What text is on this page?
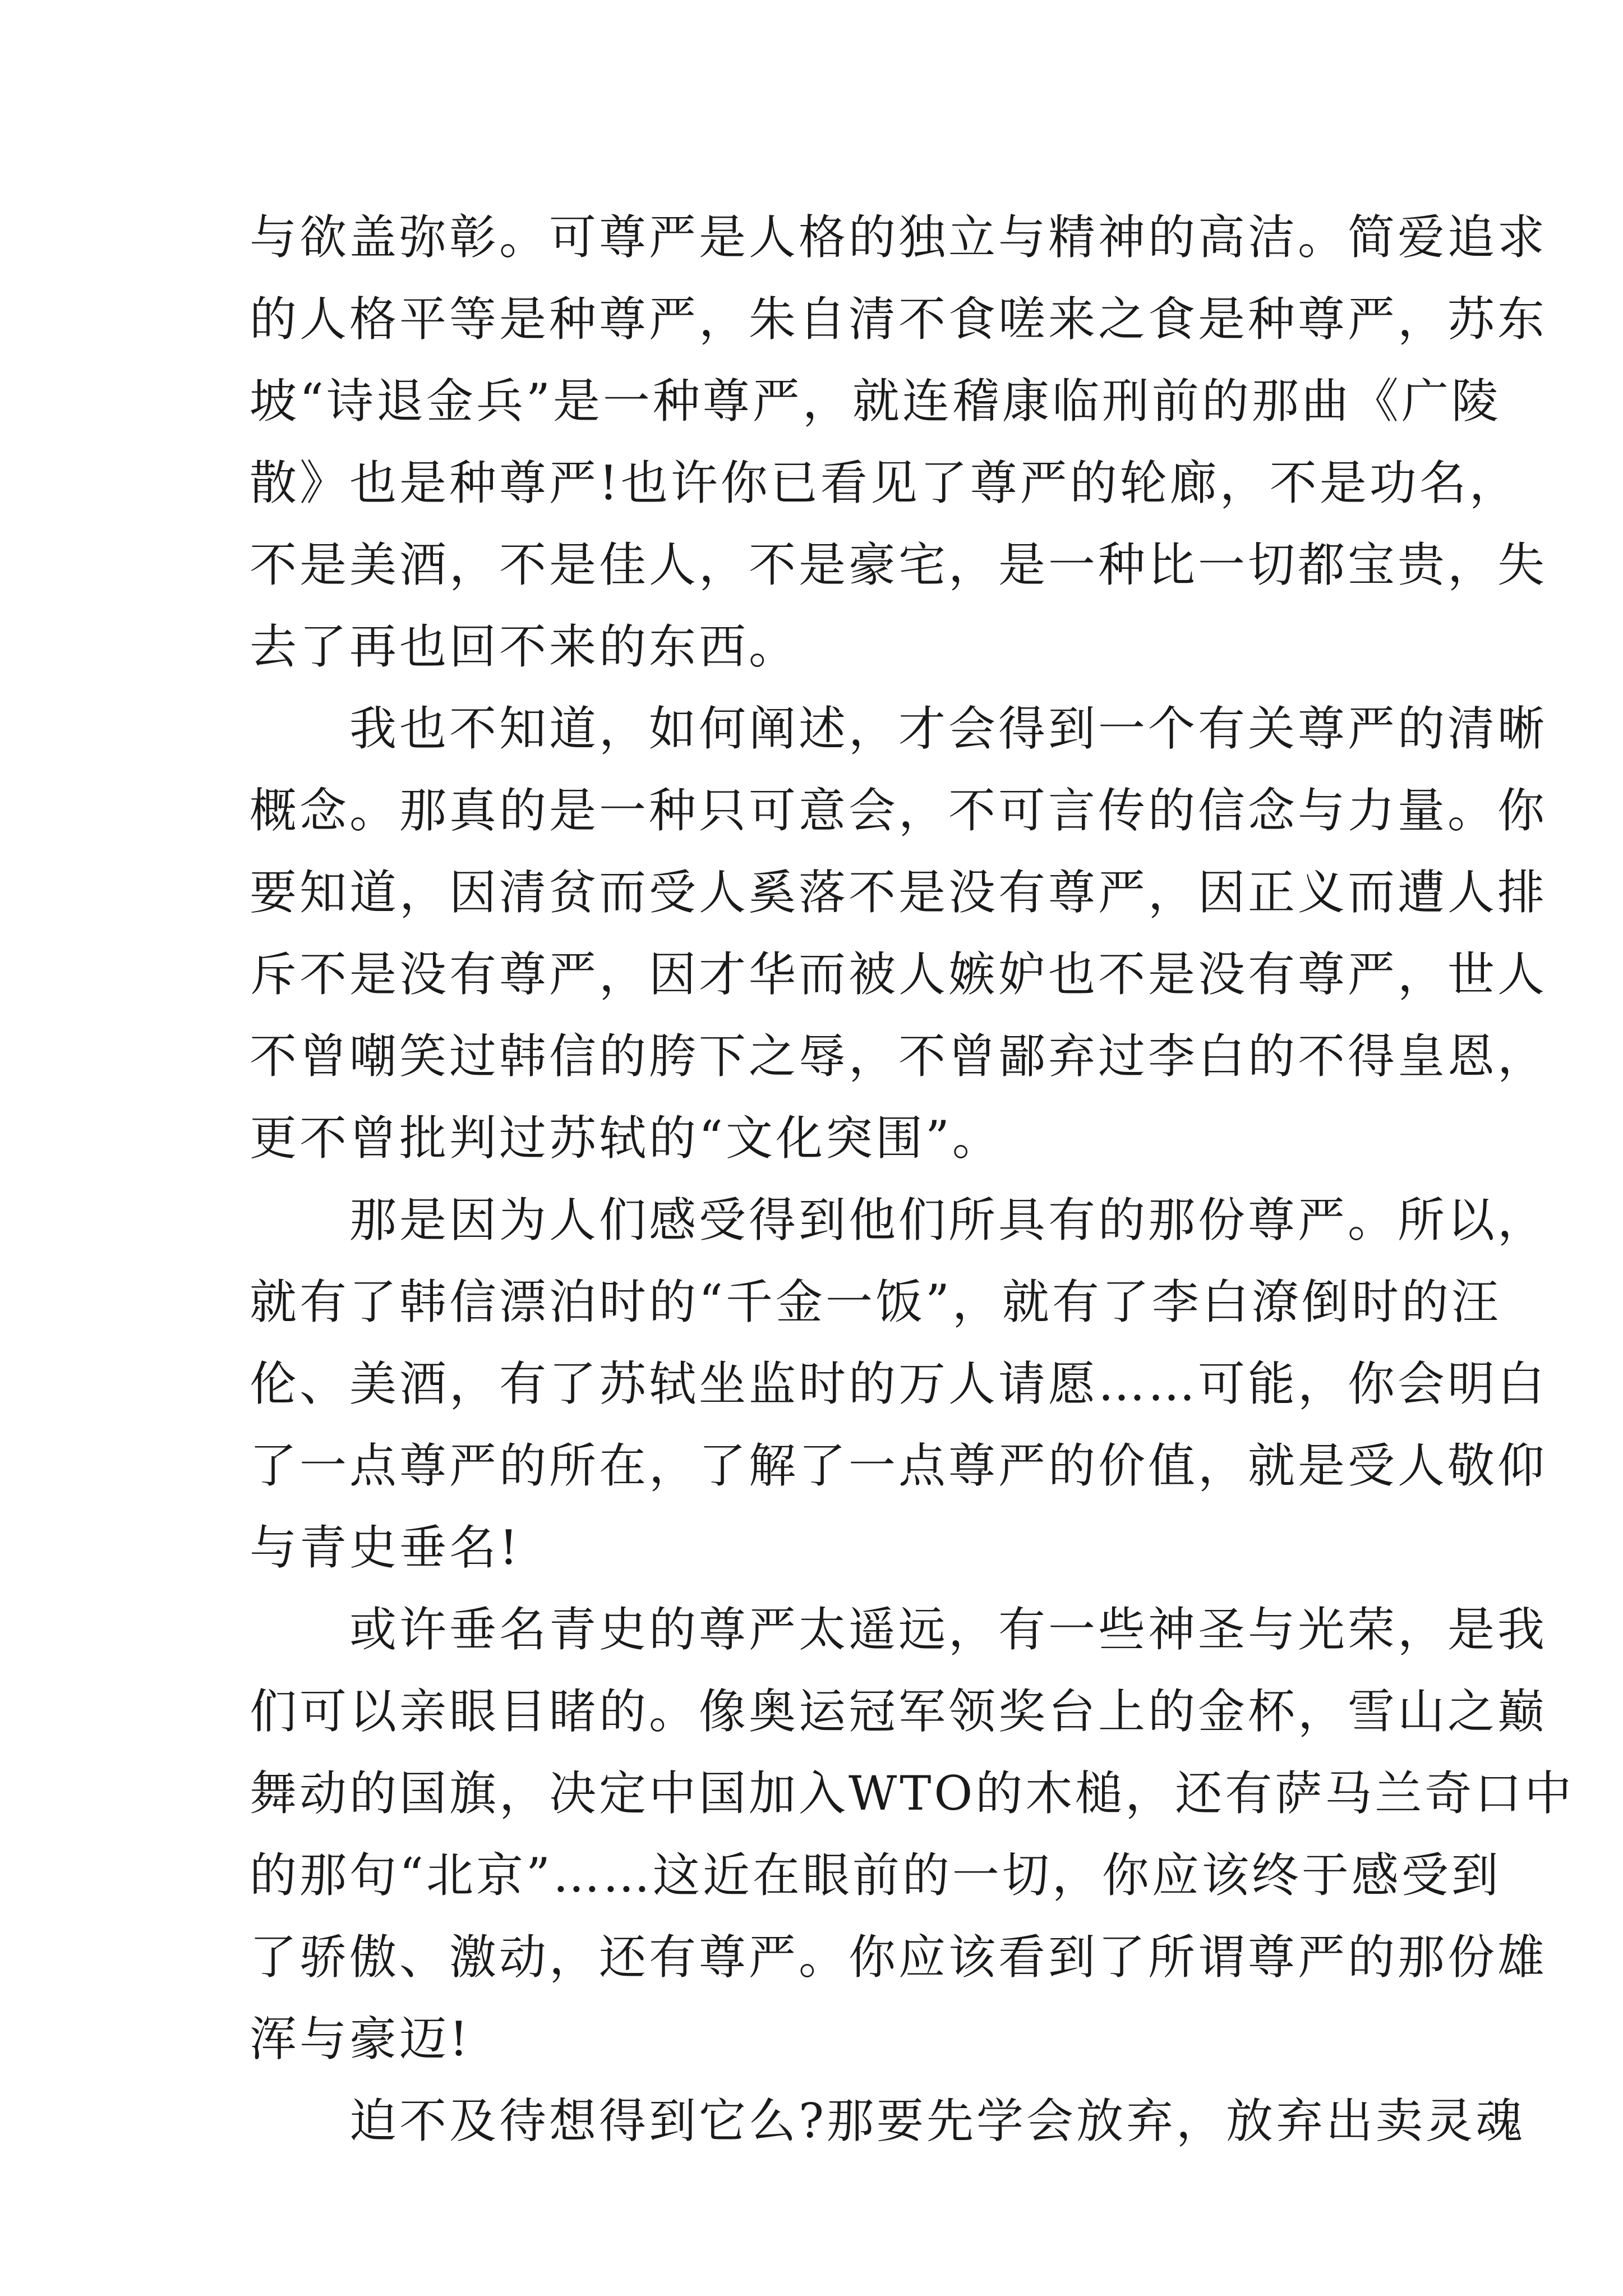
与欲盖弥彰。可尊严是人格的独立与精神的高洁。简爱追求
的人格平等是种尊严，朱自清不食嗟来之食是种尊严，苏东
坡“诗退金兵”是一种尊严，就连稽康临刑前的那曲《广陵
散》也是种尊严!也许你已看见了尊严的轮廊，不是功名，
不是美酒，不是佳人，不是豪宅，是一种比一切都宝贵，失
去了再也回不来的东西。
　　我也不知道，如何阐述，才会得到一个有关尊严的清晰
概念。那真的是一种只可意会，不可言传的信念与力量。你
要知道，因清贫而受人奚落不是没有尊严，因正义而遭人排
斥不是没有尊严，因才华而被人嫉妒也不是没有尊严，世人
不曾嘲笑过韩信的胯下之辱，不曾鄙弃过李白的不得皇恩，
更不曾批判过苏轼的“文化突围”。
　　那是因为人们感受得到他们所具有的那份尊严。所以，
就有了韩信漂泊时的“千金一饭”，就有了李白潦倒时的汪
伦、美酒，有了苏轼坐监时的万人请愿……可能，你会明白
了一点尊严的所在，了解了一点尊严的价值，就是受人敬仰
与青史垂名!
　　或许垂名青史的尊严太遥远，有一些神圣与光荣，是我
们可以亲眼目睹的。像奥运冠军领奖台上的金杯，雪山之巅
舞动的国旗，决定中国加入WTO的木槌，还有萨马兰奇口中
的那句“北京”……这近在眼前的一切，你应该终于感受到
了骄傲、激动，还有尊严。你应该看到了所谓尊严的那份雄
浑与豪迈!
　　迫不及待想得到它么?那要先学会放弃，放弃出卖灵魂
